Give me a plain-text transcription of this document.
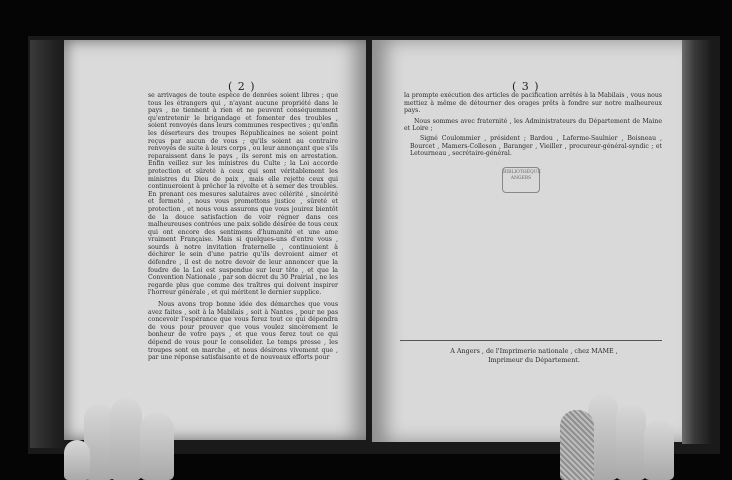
( 2 )

se arrivages de toute espèce de denrées soient libres ; que tous les étrangers qui , n'ayant aucune propriété dans le pays , ne tiennent à rien et ne peuvent conséquemment qu'entretenir le brigandage et fomenter des troubles , soient renvoyés dans leurs communes respectives ; qu'enfin les déserteurs des troupes Républicaines ne soient point reçus par aucun de vous ; qu'ils soient au contraire renvoyés de suite à leurs corps , ou leur annonçant que s'ils reparaissent dans le pays , ils seront mis en arrestation. Enfin veillez sur les ministres du Culte ; la Loi accorde protection et sûreté à ceux qui sont véritablement les ministres du Dieu de paix , mais elle rejette ceux qui continueroient à prêcher la révolte et à semer des troubles. En prenant ces mesures salutaires avec célérité , sincérité et fermeté , nous vous promettons justice , sûreté et protection , et nous vous assurons que vous jouirez bientôt de la douce satisfaction de voir régner dans ces malheureuses contrées une paix solide désirée de tous ceux qui ont encore des sentimens d'humanité et une ame vraiment Française. Mais si quelques-uns d'entre vous , sourds à notre invitation fraternelle , continuoient à déchirer le sein d'une patrie qu'ils devroient aimer et défendre , il est de notre devoir de leur annoncer que la foudre de la Loi est suspendue sur leur tête , et que la Convention Nationale , par son décret du 30 Prairial , ne les regarde plus que comme des traîtres qui doivent inspirer l'horreur générale , et qui méritent le dernier supplice.

Nous avons trop bonne idée des démarches que vous avez faites , soit à la Mabilais , soit à Nantes , pour ne pas concevoir l'espérance que vous ferez tout ce qui dépendra de vous pour prouver que vous voulez sincèrement le bonheur de votre pays , et que vous ferez tout ce qui dépend de vous pour le consolider. Le temps presse , les troupes sont en marche , et nous désirons vivement que , par une réponse satisfaisante et de nouveaux efforts pour

( 3 )

la prompte exécution des articles de pacification arrêtés à la Mabilais , vous nous mettiez à même de détourner des orages prêts à fondre sur notre malheureux pays.

Nous sommes avec fraternité , les Administrateurs du Département de Maine et Loire ;

Signé Coulommier , président ; Bardou , Laferme-Saulnier , Boisneau , Bourcet , Mamers-Colleson , Baranger , Vieiller , procureur-général-syndic ; et Letourneau , secrétaire-général.

BIBLIOTHÈQUE ANGERS
A Angers , de l'Imprimerie nationale , chez MAME ,
Imprimeur du Département.
